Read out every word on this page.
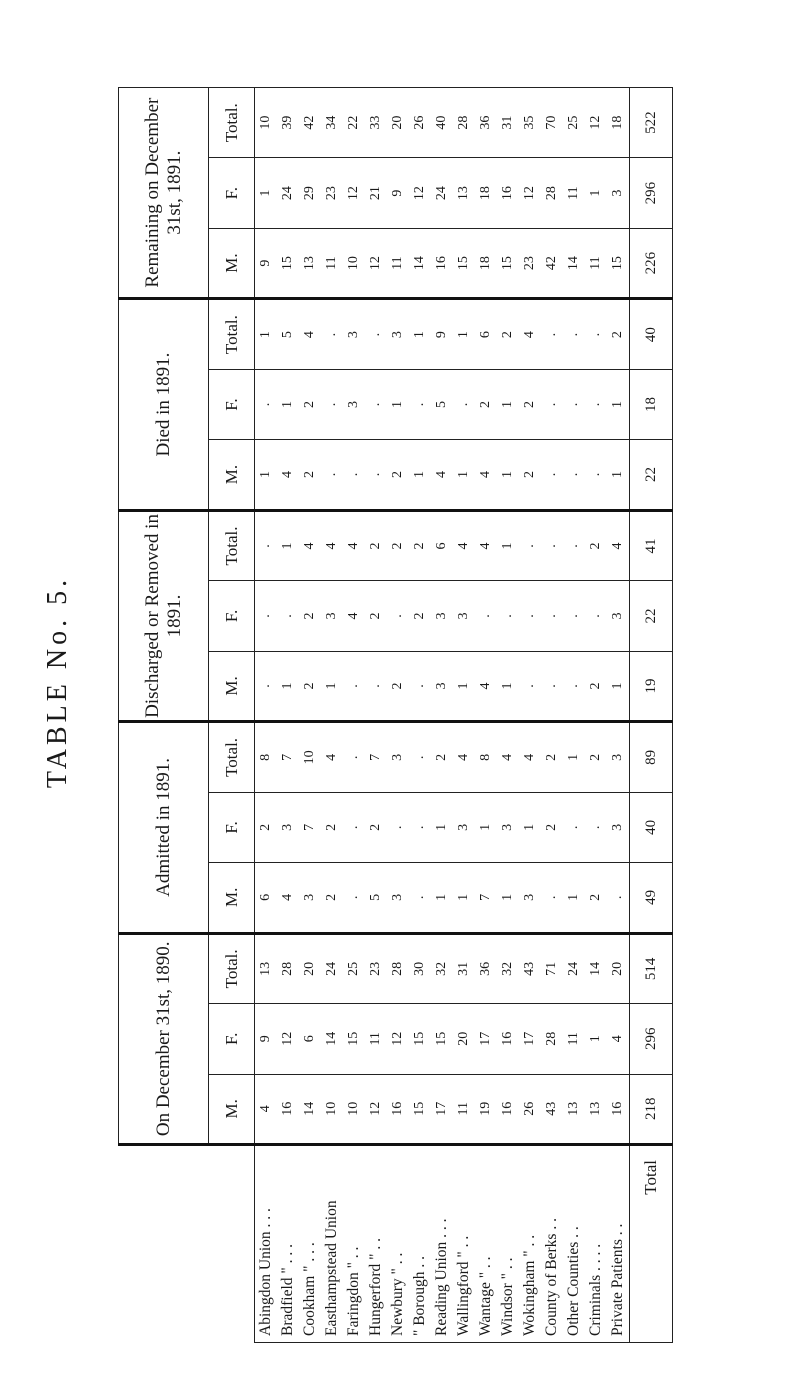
TABLE No. 5.
	On December 31st, 1890.			Admitted in 1891.			Discharged or Removed in 1891.			Died in 1891.			Remaining on December 31st, 1891.		
	M.	F.	Total.	M.	F.	Total.	M.	F.	Total.	M.	F.	Total.	M.	F.	Total.
Abingdon Union . . .	4	9	13	6	2	8	.	.	.	1	.	1	9	1	10
Bradfield " . . .	16	12	28	4	3	7	1	.	1	4	1	5	15	24	39
Cookham " . . .	14	6	20	3	7	10	2	2	4	2	2	4	13	29	42
Easthampstead Union	10	14	24	2	2	4	1	3	4	.	.	.	11	23	34
Faringdon " . .	10	15	25	.	.	.	.	4	4	.	3	3	10	12	22
Hungerford " . .	12	11	23	5	2	7	.	2	2	.	.	.	12	21	33
Newbury " . .	16	12	28	3	.	3	2	.	2	2	1	3	11	9	20
" Borough . .	15	15	30	.	.	.	.	2	2	1	.	1	14	12	26
Reading Union . . .	17	15	32	1	1	2	3	3	6	4	5	9	16	24	40
Wallingford " . .	11	20	31	1	3	4	1	3	4	1	.	1	15	13	28
Wantage " . .	19	17	36	7	1	8	4	.	4	4	2	6	18	18	36
Windsor " . .	16	16	32	1	3	4	1	.	1	1	1	2	15	16	31
Wokingham " . .	26	17	43	3	1	4	.	.	.	2	2	4	23	12	35
County of Berks . .	43	28	71	.	2	2	.	.	.	.	.	.	42	28	70
Other Counties . .	13	11	24	1	.	1	.	.	.	.	.	.	14	11	25
Criminals . . . .	13	1	14	2	.	2	2	.	2	.	.	.	11	1	12
Private Patients . .	16	4	20	.	3	3	1	3	4	1	1	2	15	3	18
Total	218	296	514	49	40	89	19	22	41	22	18	40	226	296	522
